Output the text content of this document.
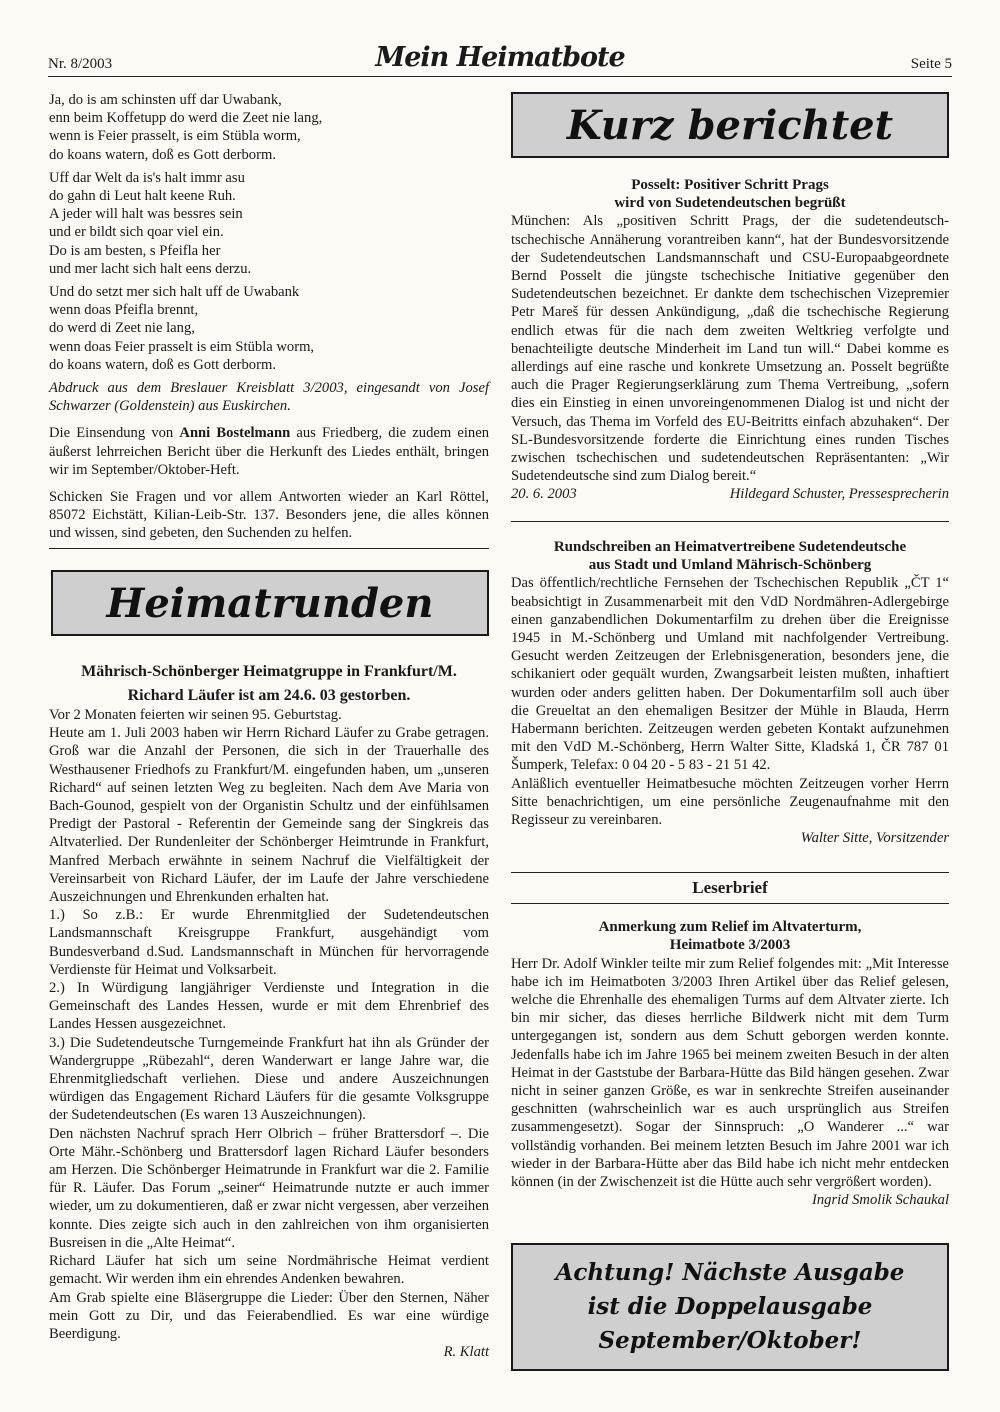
Nr. 8/2003	Mein Heimatbote	Seite 5

Ja, do is am schinsten uff dar Uwabank,

enn beim Koffetupp do werd die Zeet nie lang,

wenn is Feier prasselt, is eim Stübla worm,

do koans watern, doß es Gott derborm.

Uff dar Welt da is's halt immr asu

do gahn di Leut halt keene Ruh.

A jeder will halt was bessres sein

und er bildt sich qoar viel ein.

Do is am besten, s Pfeifla her

und mer lacht sich halt eens derzu.

Und do setzt mer sich halt uff de Uwabank

wenn doas Pfeifla brennt,

do werd di Zeet nie lang,

wenn doas Feier prasselt is eim Stübla worm,

do koans watern, doß es Gott derborm.

Abdruck aus dem Breslauer Kreisblatt 3/2003, eingesandt von Josef Schwarzer (Goldenstein) aus Euskirchen.

Die Einsendung von Anni Bostelmann aus Friedberg, die zudem einen äußerst lehrreichen Bericht über die Herkunft des Liedes enthält, bringen wir im September/Oktober-Heft.

Schicken Sie Fragen und vor allem Antworten wieder an Karl Röttel, 85072 Eichstätt, Kilian-Leib-Str. 137. Besonders jene, die alles können und wissen, sind gebeten, den Suchenden zu helfen.

Heimatrunden
Mährisch-Schönberger Heimatgruppe in Frankfurt/M.
Richard Läufer ist am 24.6. 03 gestorben.

Vor 2 Monaten feierten wir seinen 95. Geburtstag.

Heute am 1. Juli 2003 haben wir Herrn Richard Läufer zu Grabe getragen. Groß war die Anzahl der Personen, die sich in der Trauerhalle des Westhausener Friedhofs zu Frankfurt/M. eingefunden haben, um „unseren Richard“ auf seinen letzten Weg zu begleiten. Nach dem Ave Maria von Bach-Gounod, gespielt von der Organistin Schultz und der einfühlsamen Predigt der Pastoral - Referentin der Gemeinde sang der Singkreis das Altvaterlied. Der Rundenleiter der Schönberger Heimtrunde in Frankfurt, Manfred Merbach erwähnte in seinem Nachruf die Vielfältigkeit der Vereinsarbeit von Richard Läufer, der im Laufe der Jahre verschiedene Auszeichnungen und Ehrenkunden erhalten hat.

1.) So z.B.: Er wurde Ehrenmitglied der Sudetendeutschen Landsmannschaft Kreisgruppe Frankfurt, ausgehändigt vom Bundesverband d.Sud. Landsmannschaft in München für hervorragende Verdienste für Heimat und Volksarbeit.

2.) In Würdigung langjähriger Verdienste und Integration in die Gemeinschaft des Landes Hessen, wurde er mit dem Ehrenbrief des Landes Hessen ausgezeichnet.

3.) Die Sudetendeutsche Turngemeinde Frankfurt hat ihn als Gründer der Wandergruppe „Rübezahl“, deren Wanderwart er lange Jahre war, die Ehrenmitgliedschaft verliehen. Diese und andere Auszeichnungen würdigen das Engagement Richard Läufers für die gesamte Volksgruppe der Sudetendeutschen (Es waren 13 Auszeichnungen).

Den nächsten Nachruf sprach Herr Olbrich – früher Brattersdorf –. Die Orte Mähr.-Schönberg und Brattersdorf lagen Richard Läufer besonders am Herzen. Die Schönberger Heimatrunde in Frankfurt war die 2. Familie für R. Läufer. Das Forum „seiner“ Heimatrunde nutzte er auch immer wieder, um zu dokumentieren, daß er zwar nicht vergessen, aber verzeihen konnte. Dies zeigte sich auch in den zahlreichen von ihm organisierten Busreisen in die „Alte Heimat“.

Richard Läufer hat sich um seine Nordmährische Heimat verdient gemacht. Wir werden ihm ein ehrendes Andenken bewahren.

Am Grab spielte eine Bläsergruppe die Lieder: Über den Sternen, Näher mein Gott zu Dir, und das Feierabendlied. Es war eine würdige Beerdigung.

R. Klatt
Kurz berichtet
Posselt: Positiver Schritt Prags
wird von Sudetendeutschen begrüßt

München: Als „positiven Schritt Prags, der die sudetendeutsch-tschechische Annäherung vorantreiben kann“, hat der Bundesvorsitzende der Sudetendeutschen Landsmannschaft und CSU-Europaabgeordnete Bernd Posselt die jüngste tschechische Initiative gegenüber den Sudetendeutschen bezeichnet. Er dankte dem tschechischen Vizepremier Petr Mareš für dessen Ankündigung, „daß die tschechische Regierung endlich etwas für die nach dem zweiten Weltkrieg verfolgte und benachteiligte deutsche Minderheit im Land tun will.“ Dabei komme es allerdings auf eine rasche und konkrete Umsetzung an. Posselt begrüßte auch die Prager Regierungserklärung zum Thema Vertreibung, „sofern dies ein Einstieg in einen unvoreingenommenen Dialog ist und nicht der Versuch, das Thema im Vorfeld des EU-Beitritts einfach abzuhaken“. Der SL-Bundesvorsitzende forderte die Einrichtung eines runden Tisches zwischen tschechischen und sudetendeutschen Repräsentanten: „Wir Sudetendeutsche sind zum Dialog bereit.“

20. 6. 2003	Hildegard Schuster, Pressesprecherin
Rundschreiben an Heimatvertreibene Sudetendeutsche
aus Stadt und Umland Mährisch-Schönberg

Das öffentlich/rechtliche Fernsehen der Tschechischen Republik „ČT 1“ beabsichtigt in Zusammenarbeit mit den VdD Nordmähren-Adlergebirge einen ganzabendlichen Dokumentarfilm zu drehen über die Ereignisse 1945 in M.-Schönberg und Umland mit nachfolgender Vertreibung. Gesucht werden Zeitzeugen der Erlebnisgeneration, besonders jene, die schikaniert oder gequält wurden, Zwangsarbeit leisten mußten, inhaftiert wurden oder anders gelitten haben. Der Dokumentarfilm soll auch über die Greueltat an den ehemaligen Besitzer der Mühle in Blauda, Herrn Habermann berichten. Zeitzeugen werden gebeten Kontakt aufzunehmen mit den VdD M.-Schönberg, Herrn Walter Sitte, Kladská 1, ČR 787 01 Šumperk, Telefax: 0 04 20 - 5 83 - 21 51 42.

Anläßlich eventueller Heimatbesuche möchten Zeitzeugen vorher Herrn Sitte benachrichtigen, um eine persönliche Zeugenaufnahme mit den Regisseur zu vereinbaren.

Walter Sitte, Vorsitzender
Leserbrief
Anmerkung zum Relief im Altvaterturm,
Heimatbote 3/2003

Herr Dr. Adolf Winkler teilte mir zum Relief folgendes mit: „Mit Interesse habe ich im Heimatboten 3/2003 Ihren Artikel über das Relief gelesen, welche die Ehrenhalle des ehemaligen Turms auf dem Altvater zierte. Ich bin mir sicher, das dieses herrliche Bildwerk nicht mit dem Turm untergegangen ist, sondern aus dem Schutt geborgen werden konnte. Jedenfalls habe ich im Jahre 1965 bei meinem zweiten Besuch in der alten Heimat in der Gaststube der Barbara-Hütte das Bild hängen gesehen. Zwar nicht in seiner ganzen Größe, es war in senkrechte Streifen auseinander geschnitten (wahrscheinlich war es auch ursprünglich aus Streifen zusammengesetzt). Sogar der Sinnspruch: „O Wanderer ...“ war vollständig vorhanden. Bei meinem letzten Besuch im Jahre 2001 war ich wieder in der Barbara-Hütte aber das Bild habe ich nicht mehr entdecken können (in der Zwischenzeit ist die Hütte auch sehr vergrößert worden).

Ingrid Smolik Schaukal
Achtung! Nächste Ausgabe
ist die Doppelausgabe
September/Oktober!
